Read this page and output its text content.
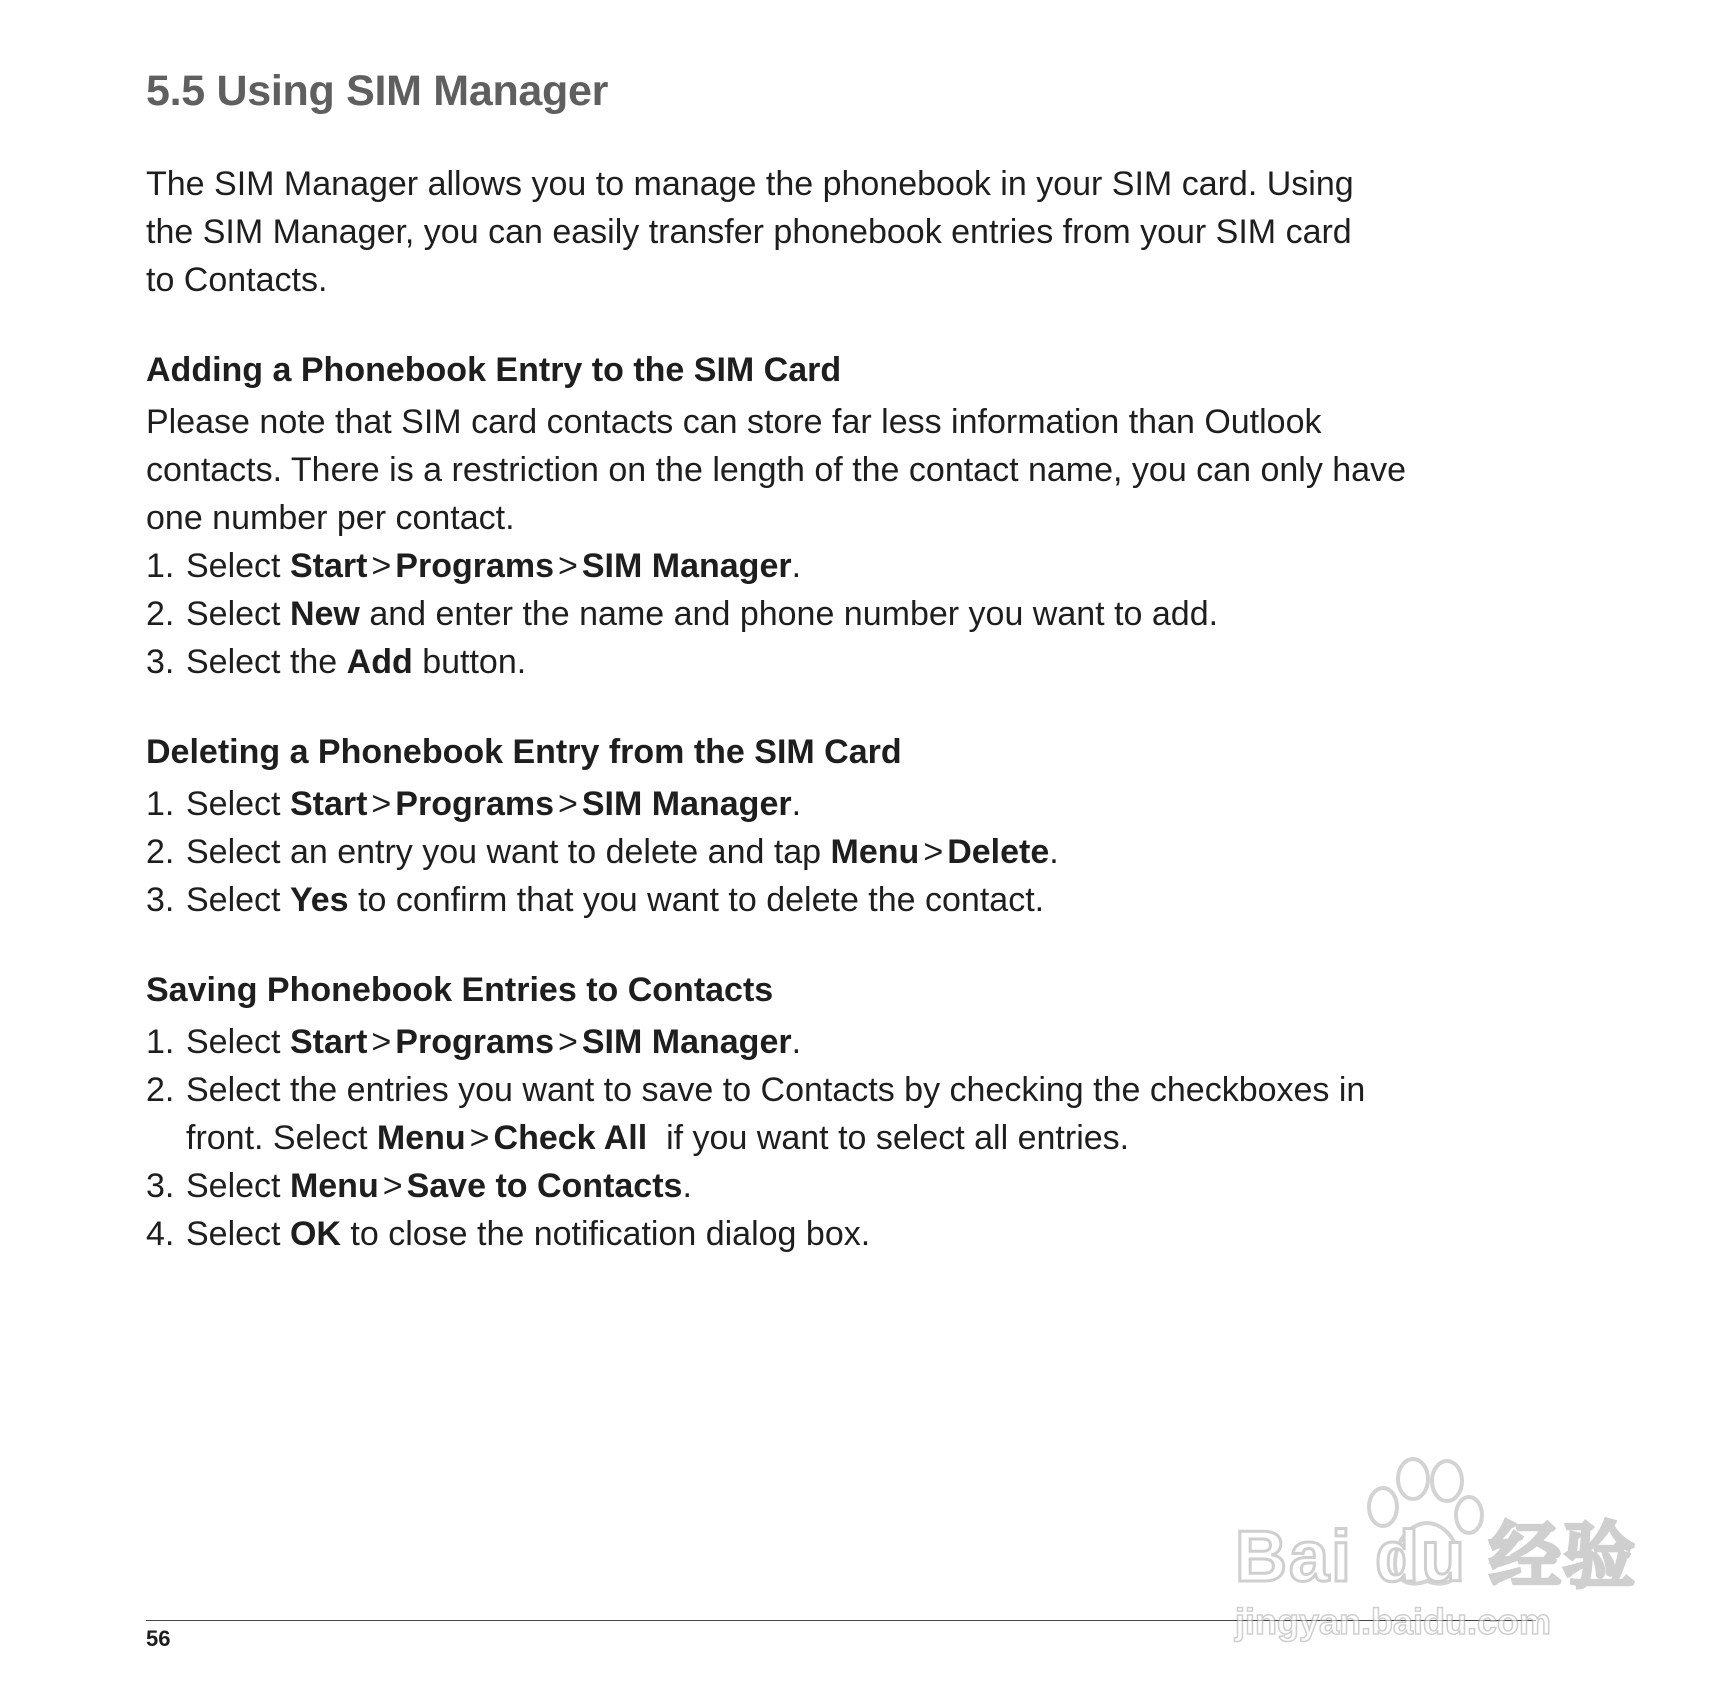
5.5 Using SIM Manager

The SIM Manager allows you to manage the phonebook in your SIM card. Using
the SIM Manager, you can easily transfer phonebook entries from your SIM card
to Contacts.

Adding a Phonebook Entry to the SIM Card

Please note that SIM card contacts can store far less information than Outlook
contacts. There is a restriction on the length of the contact name, you can only have
one number per contact.

1. Select Start > Programs > SIM Manager.
2. Select New and enter the name and phone number you want to add.
3. Select the Add button.
Deleting a Phonebook Entry from the SIM Card
1. Select Start > Programs > SIM Manager.
2. Select an entry you want to delete and tap Menu > Delete.
3. Select Yes to confirm that you want to delete the contact.
Saving Phonebook Entries to Contacts
1. Select Start > Programs > SIM Manager.
2. Select the entries you want to save to Contacts by checking the checkboxes in
front. Select Menu > Check All  if you want to select all entries.
3. Select Menu > Save to Contacts.
4. Select OK to close the notification dialog box.
56
Bai du 经验
jingyan.baidu.com
